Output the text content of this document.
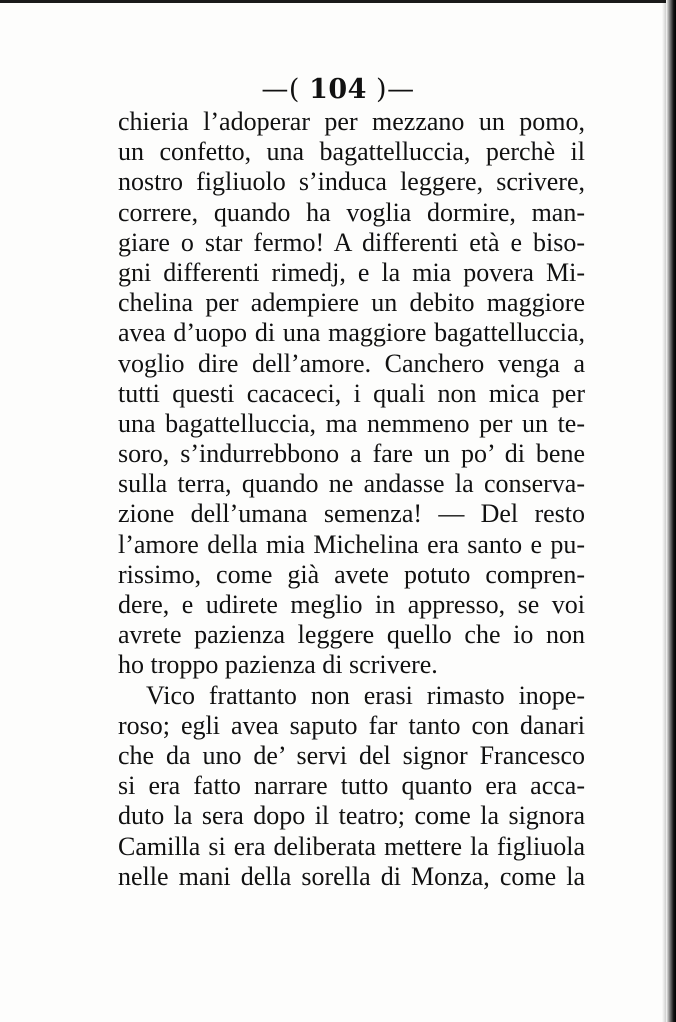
—( 104 )—
chieria l’adoperar per mezzano un pomo,
un confetto, una bagattelluccia, perchè il
nostro figliuolo s’induca leggere, scrivere,
correre, quando ha voglia dormire, man-
giare o star fermo! A differenti età e biso-
gni differenti rimedj, e la mia povera Mi-
chelina per adempiere un debito maggiore
avea d’uopo di una maggiore bagattelluccia,
voglio dire dell’amore. Canchero venga a
tutti questi cacaceci, i quali non mica per
una bagattelluccia, ma nemmeno per un te-
soro, s’indurrebbono a fare un po’ di bene
sulla terra, quando ne andasse la conserva-
zione dell’umana semenza! — Del resto
l’amore della mia Michelina era santo e pu-
rissimo, come già avete potuto compren-
dere, e udirete meglio in appresso, se voi
avrete pazienza leggere quello che io non
ho troppo pazienza di scrivere.
Vico frattanto non erasi rimasto inope-
roso; egli avea saputo far tanto con danari
che da uno de’ servi del signor Francesco
si era fatto narrare tutto quanto era acca-
duto la sera dopo il teatro; come la signora
Camilla si era deliberata mettere la figliuola
nelle mani della sorella di Monza, come la
